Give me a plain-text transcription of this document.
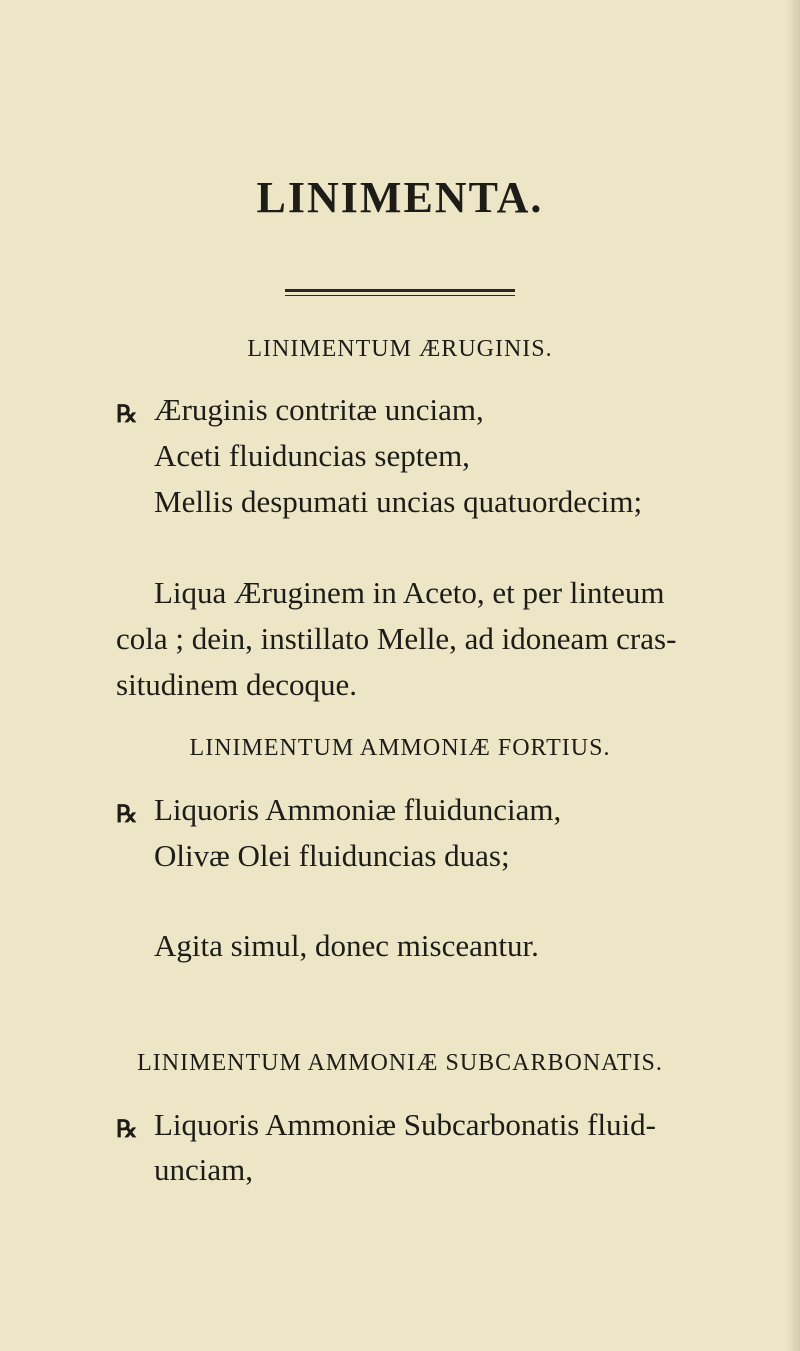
LINIMENTA.
LINIMENTUM ÆRUGINIS.
℞ Æruginis contritæ unciam,
Aceti fluiduncias septem,
Mellis despumati uncias quatuordecim;
Liqua Æruginem in Aceto, et per linteum
cola ; dein, instillato Melle, ad idoneam cras-
situdinem decoque.
LINIMENTUM AMMONIÆ FORTIUS.
℞ Liquoris Ammoniæ fluidunciam,
Olivæ Olei fluiduncias duas;
Agita simul, donec misceantur.
LINIMENTUM AMMONIÆ SUBCARBONATIS.
℞ Liquoris Ammoniæ Subcarbonatis fluid-
unciam,
